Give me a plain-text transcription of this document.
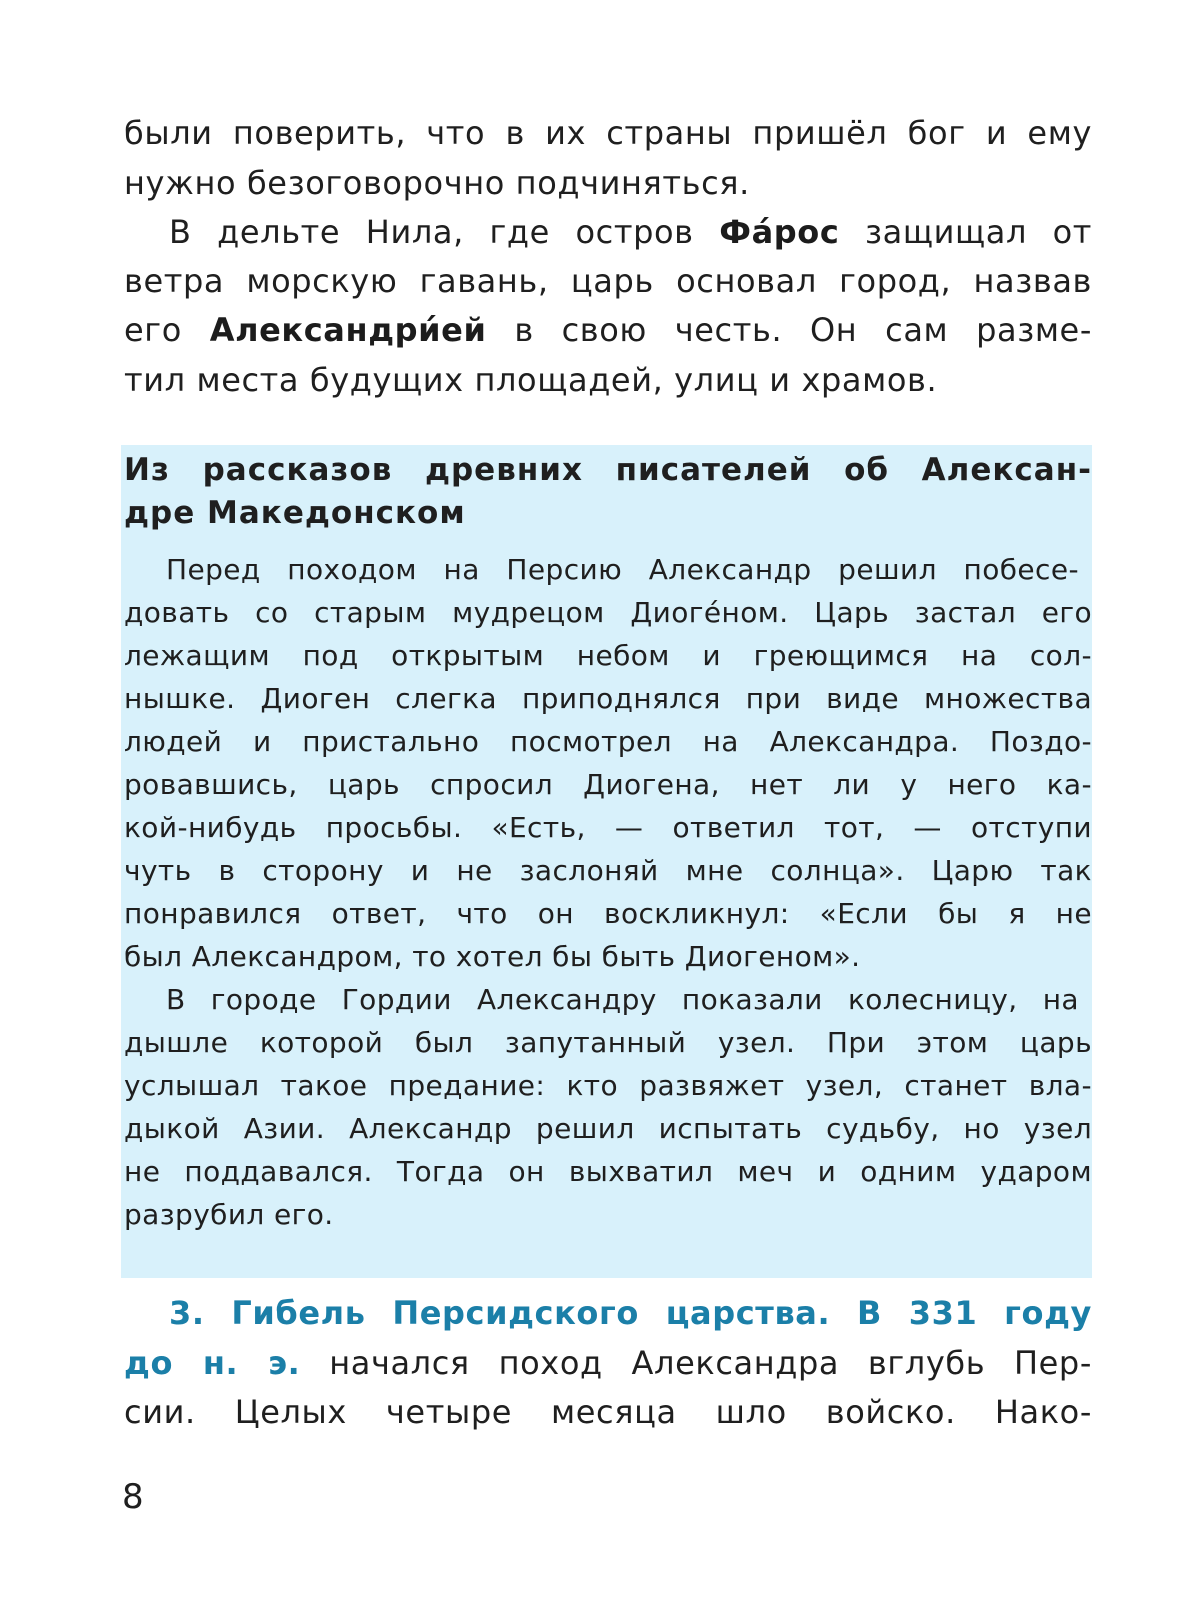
были поверить, что в их страны пришёл бог и ему
нужно безоговорочно подчиняться.
В дельте Нила, где остров Фа́рос защищал от
ветра морскую гавань, царь основал город, назвав
его Александри́ей в свою честь. Он сам разме-
тил места будущих площадей, улиц и храмов.
Из рассказов древних писателей об Алексан-
дре Македонском
Перед походом на Персию Александр решил побесе-
довать со старым мудрецом Диоге́ном. Царь застал его
лежащим под открытым небом и греющимся на сол-
нышке. Диоген слегка приподнялся при виде множества
людей и пристально посмотрел на Александра. Поздо-
ровавшись, царь спросил Диогена, нет ли у него ка-
кой-нибудь просьбы. «Есть, — ответил тот, — отступи
чуть в сторону и не заслоняй мне солнца». Царю так
понравился ответ, что он воскликнул: «Если бы я не
был Александром, то хотел бы быть Диогеном».
В городе Гордии Александру показали колесницу, на
дышле которой был запутанный узел. При этом царь
услышал такое предание: кто развяжет узел, станет вла-
дыкой Азии. Александр решил испытать судьбу, но узел
не поддавался. Тогда он выхватил меч и одним ударом
разрубил его.
3. Гибель Персидского царства. В 331 году
до н. э. начался поход Александра вглубь Пер-
сии. Целых четыре месяца шло войско. Нако-
8
